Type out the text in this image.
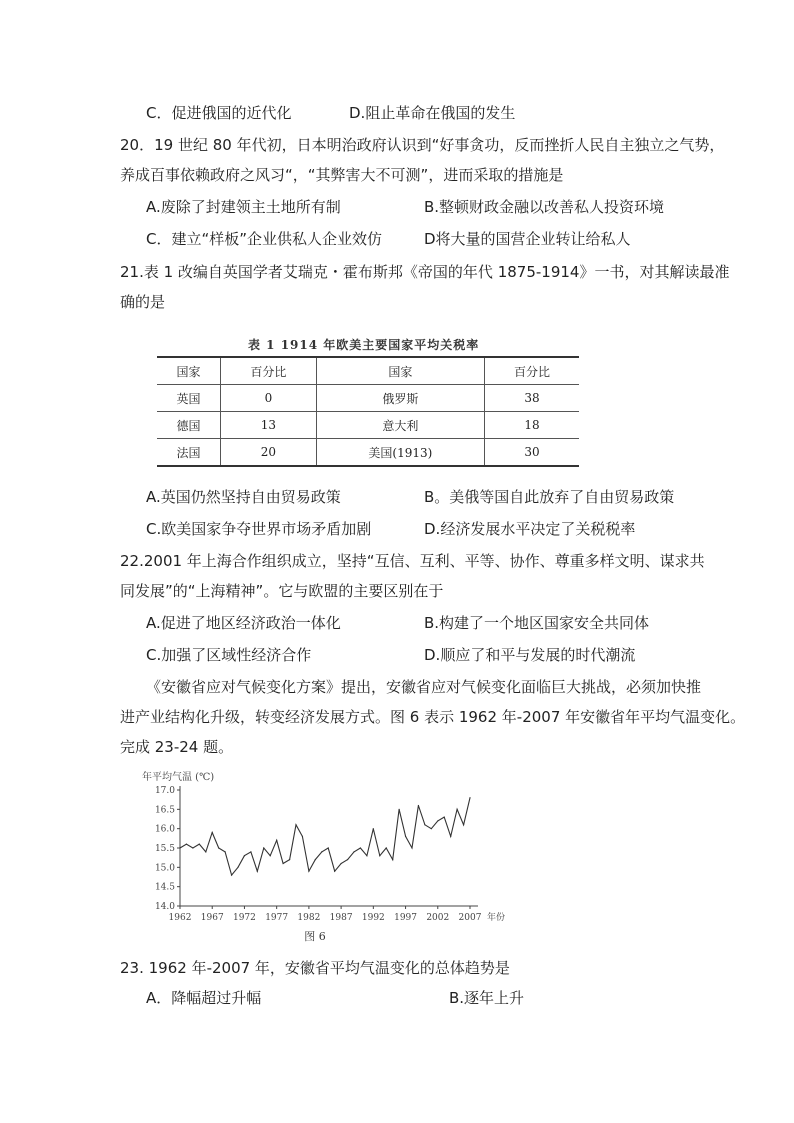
C．促进俄国的近代化	D.阻止革命在俄国的发生
20．19 世纪 80 年代初，日本明治政府认识到“好事贪功，反而挫折人民自主独立之气势，
养成百事依赖政府之风习“，“其弊害大不可测”，进而采取的措施是
A.废除了封建领主土地所有制	B.整顿财政金融以改善私人投资环境
C．建立“样板”企业供私人企业效仿	D将大量的国营企业转让给私人
21.表 1 改编自英国学者艾瑞克・霍布斯邦《帝国的年代 1875-1914》一书，对其解读最准
确的是
表 1 1914 年欧美主要国家平均关税率
国家	百分比	国家	百分比
英国	0	俄罗斯	38
德国	13	意大利	18
法国	20	美国(1913)	30
A.英国仍然坚持自由贸易政策	B。美俄等国自此放弃了自由贸易政策
C.欧美国家争夺世界市场矛盾加剧	D.经济发展水平决定了关税税率
22.2001 年上海合作组织成立，坚持“互信、互利、平等、协作、尊重多样文明、谋求共
同发展”的“上海精神”。它与欧盟的主要区别在于
A.促进了地区经济政治一体化	B.构建了一个地区国家安全共同体
C.加强了区域性经济合作	D.顺应了和平与发展的时代潮流
《安徽省应对气候变化方案》提出，安徽省应对气候变化面临巨大挑战，必须加快推
进产业结构化升级，转变经济发展方式。图 6 表示 1962 年-2007 年安徽省年平均气温变化。
完成 23-24 题。
年平均气温 (℃)
14.0
14.5
15.0
15.5
16.0
16.5
17.0
1962 1967 1972 1977 1982 1987 1992 1997 2002 2007 年份
图 6
23. 1962 年-2007 年，安徽省平均气温变化的总体趋势是
A．降幅超过升幅	B.逐年上升
